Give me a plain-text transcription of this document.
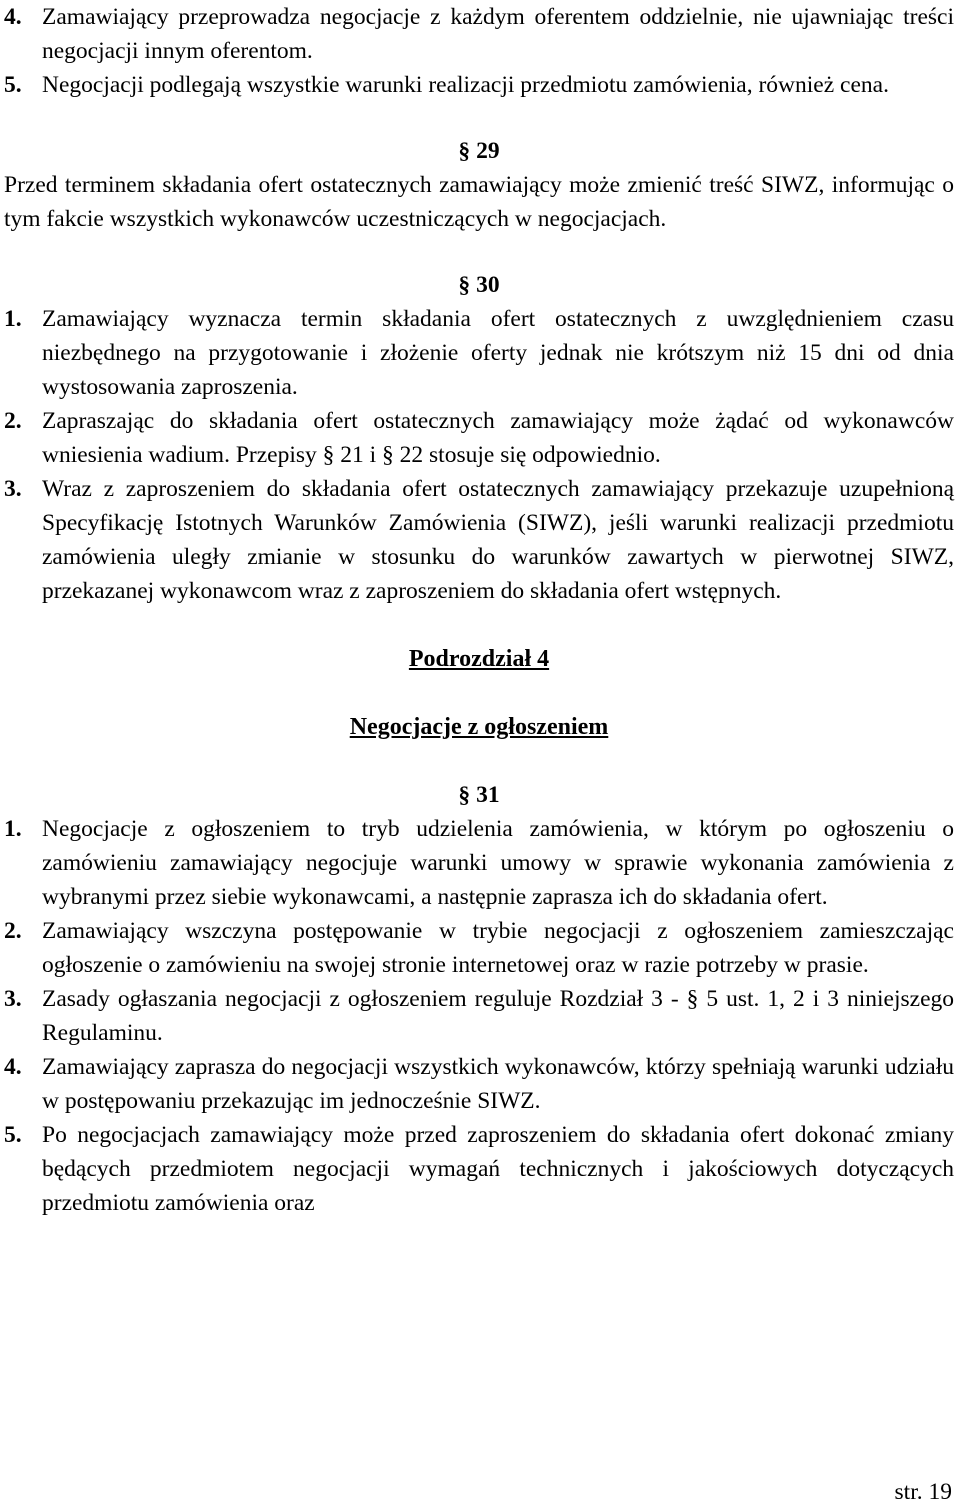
4. Zamawiający przeprowadza negocjacje z każdym oferentem oddzielnie, nie ujawniając treści negocjacji innym oferentom.
5. Negocjacji podlegają wszystkie warunki realizacji przedmiotu zamówienia, również cena.
§ 29
Przed terminem składania ofert ostatecznych zamawiający może zmienić treść SIWZ, informując o tym fakcie wszystkich wykonawców uczestniczących w negocjacjach.
§ 30
1. Zamawiający wyznacza termin składania ofert ostatecznych z uwzględnieniem czasu niezbędnego na przygotowanie i złożenie oferty jednak nie krótszym niż 15 dni od dnia wystosowania zaproszenia.
2. Zapraszając do składania ofert ostatecznych zamawiający może żądać od wykonawców wniesienia wadium. Przepisy § 21 i § 22 stosuje się odpowiednio.
3. Wraz z zaproszeniem do składania ofert ostatecznych zamawiający przekazuje uzupełnioną Specyfikację Istotnych Warunków Zamówienia (SIWZ), jeśli warunki realizacji przedmiotu zamówienia uległy zmianie w stosunku do warunków zawartych w pierwotnej SIWZ, przekazanej wykonawcom wraz z zaproszeniem do składania ofert wstępnych.
Podrozdział 4
Negocjacje z ogłoszeniem
§ 31
1. Negocjacje z ogłoszeniem to tryb udzielenia zamówienia, w którym po ogłoszeniu o zamówieniu zamawiający negocjuje warunki umowy w sprawie wykonania zamówienia z wybranymi przez siebie wykonawcami, a następnie zaprasza ich do składania ofert.
2. Zamawiający wszczyna postępowanie w trybie negocjacji z ogłoszeniem zamieszczając ogłoszenie o zamówieniu na swojej stronie internetowej oraz w razie potrzeby w prasie.
3. Zasady ogłaszania negocjacji z ogłoszeniem reguluje Rozdział 3 - § 5 ust. 1, 2 i 3 niniejszego Regulaminu.
4. Zamawiający zaprasza do negocjacji wszystkich wykonawców, którzy spełniają warunki udziału w postępowaniu przekazując im jednocześnie SIWZ.
5. Po negocjacjach zamawiający może przed zaproszeniem do składania ofert dokonać zmiany będących przedmiotem negocjacji wymagań technicznych i jakościowych dotyczących przedmiotu zamówienia oraz
str. 19
